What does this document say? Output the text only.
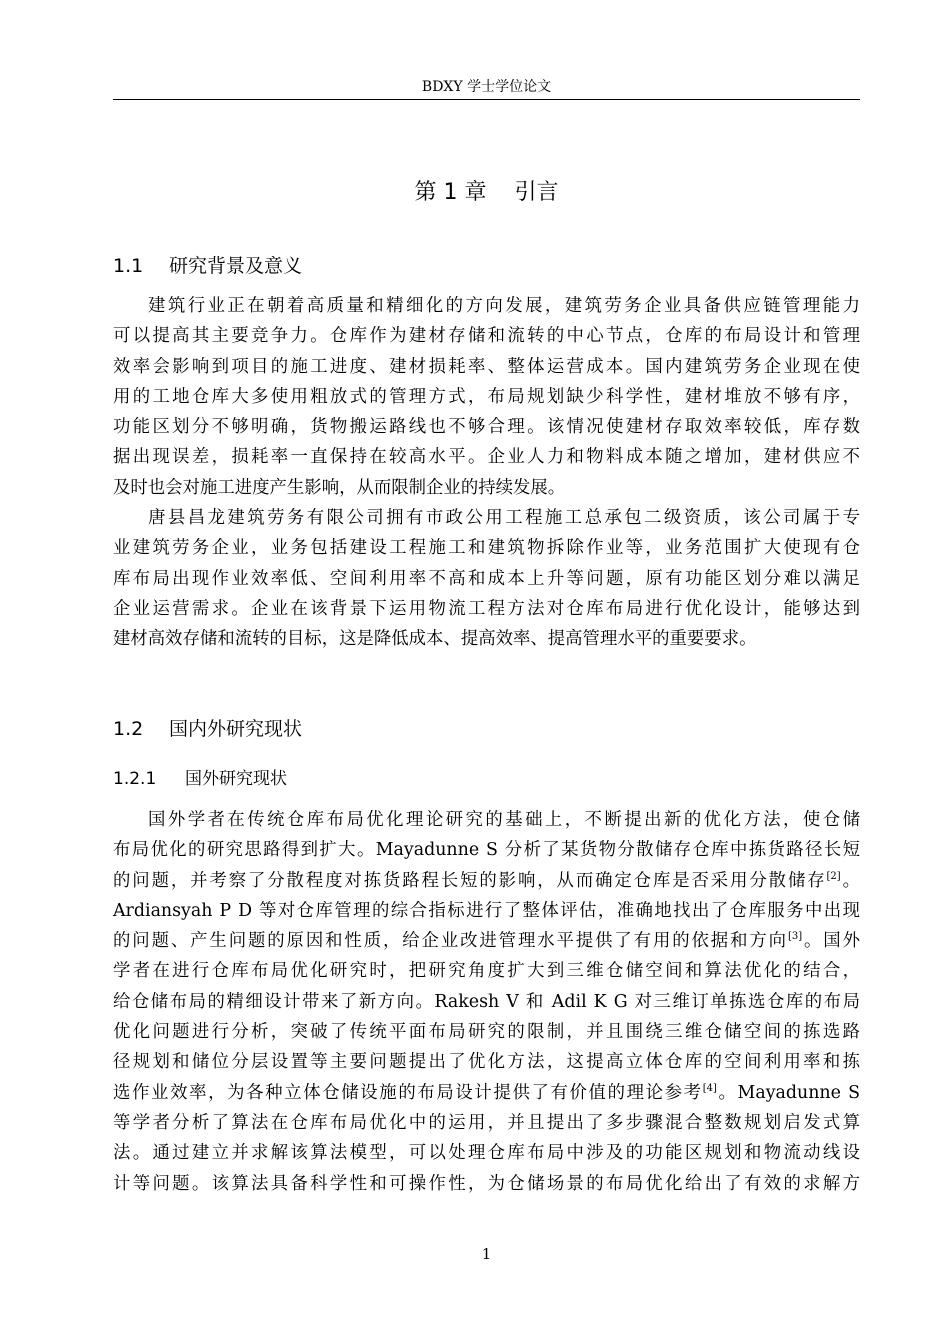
BDXY 学士学位论文
第 1 章 引言
1.1 研究背景及意义
建筑行业正在朝着高质量和精细化的方向发展，建筑劳务企业具备供应链管理能力
可以提高其主要竞争力。仓库作为建材存储和流转的中心节点，仓库的布局设计和管理
效率会影响到项目的施工进度、建材损耗率、整体运营成本。国内建筑劳务企业现在使
用的工地仓库大多使用粗放式的管理方式，布局规划缺少科学性，建材堆放不够有序，
功能区划分不够明确，货物搬运路线也不够合理。该情况使建材存取效率较低，库存数
据出现误差，损耗率一直保持在较高水平。企业人力和物料成本随之增加，建材供应不
及时也会对施工进度产生影响，从而限制企业的持续发展。
唐县昌龙建筑劳务有限公司拥有市政公用工程施工总承包二级资质，该公司属于专
业建筑劳务企业，业务包括建设工程施工和建筑物拆除作业等，业务范围扩大使现有仓
库布局出现作业效率低、空间利用率不高和成本上升等问题，原有功能区划分难以满足
企业运营需求。企业在该背景下运用物流工程方法对仓库布局进行优化设计，能够达到
建材高效存储和流转的目标，这是降低成本、提高效率、提高管理水平的重要要求。
1.2 国内外研究现状
1.2.1 国外研究现状
国外学者在传统仓库布局优化理论研究的基础上，不断提出新的优化方法，使仓储
布局优化的研究思路得到扩大。Mayadunne S 分析了某货物分散储存仓库中拣货路径长短
的问题，并考察了分散程度对拣货路程长短的影响，从而确定仓库是否采用分散储存[2]。
Ardiansyah P D 等对仓库管理的综合指标进行了整体评估，准确地找出了仓库服务中出现
的问题、产生问题的原因和性质，给企业改进管理水平提供了有用的依据和方向[3]。国外
学者在进行仓库布局优化研究时，把研究角度扩大到三维仓储空间和算法优化的结合，
给仓储布局的精细设计带来了新方向。Rakesh V 和 Adil K G 对三维订单拣选仓库的布局
优化问题进行分析，突破了传统平面布局研究的限制，并且围绕三维仓储空间的拣选路
径规划和储位分层设置等主要问题提出了优化方法，这提高立体仓库的空间利用率和拣
选作业效率，为各种立体仓储设施的布局设计提供了有价值的理论参考[4]。Mayadunne S
等学者分析了算法在仓库布局优化中的运用，并且提出了多步骤混合整数规划启发式算
法。通过建立并求解该算法模型，可以处理仓库布局中涉及的功能区规划和物流动线设
计等问题。该算法具备科学性和可操作性，为仓储场景的布局优化给出了有效的求解方
1
